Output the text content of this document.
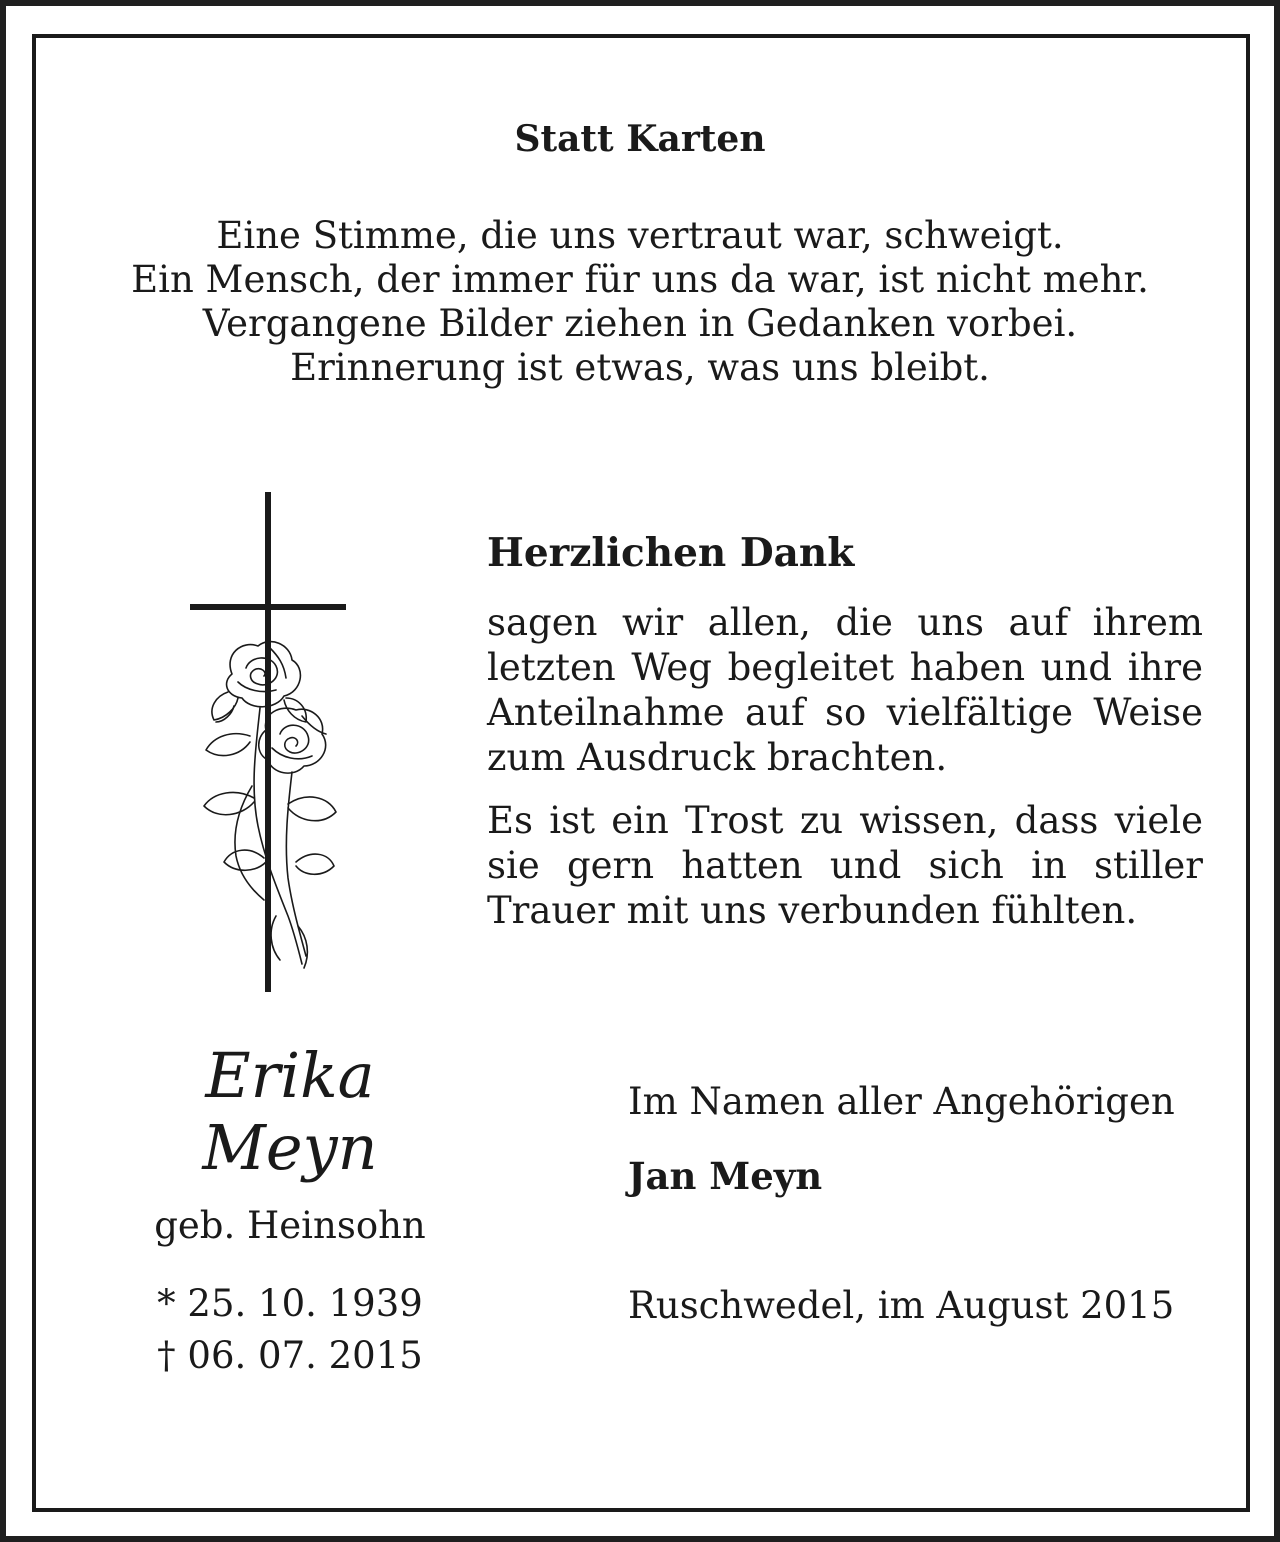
Statt Karten
Eine Stimme, die uns vertraut war, schweigt.
Ein Mensch, der immer für uns da war, ist nicht mehr.
Vergangene Bilder ziehen in Gedanken vorbei.
Erinnerung ist etwas, was uns bleibt.
Herzlichen Dank
sagen wir allen, die uns auf ihrem letzten Weg begleitet haben und ihre Anteilnahme auf so vielfältige Weise zum Ausdruck brachten.
Es ist ein Trost zu wissen, dass viele sie gern hatten und sich in stiller Trauer mit uns verbunden fühlten.
Erika
Meyn
geb. Heinsohn
* 25. 10. 1939
† 06. 07. 2015
Im Namen aller Angehörigen
Jan Meyn
Ruschwedel, im August 2015
